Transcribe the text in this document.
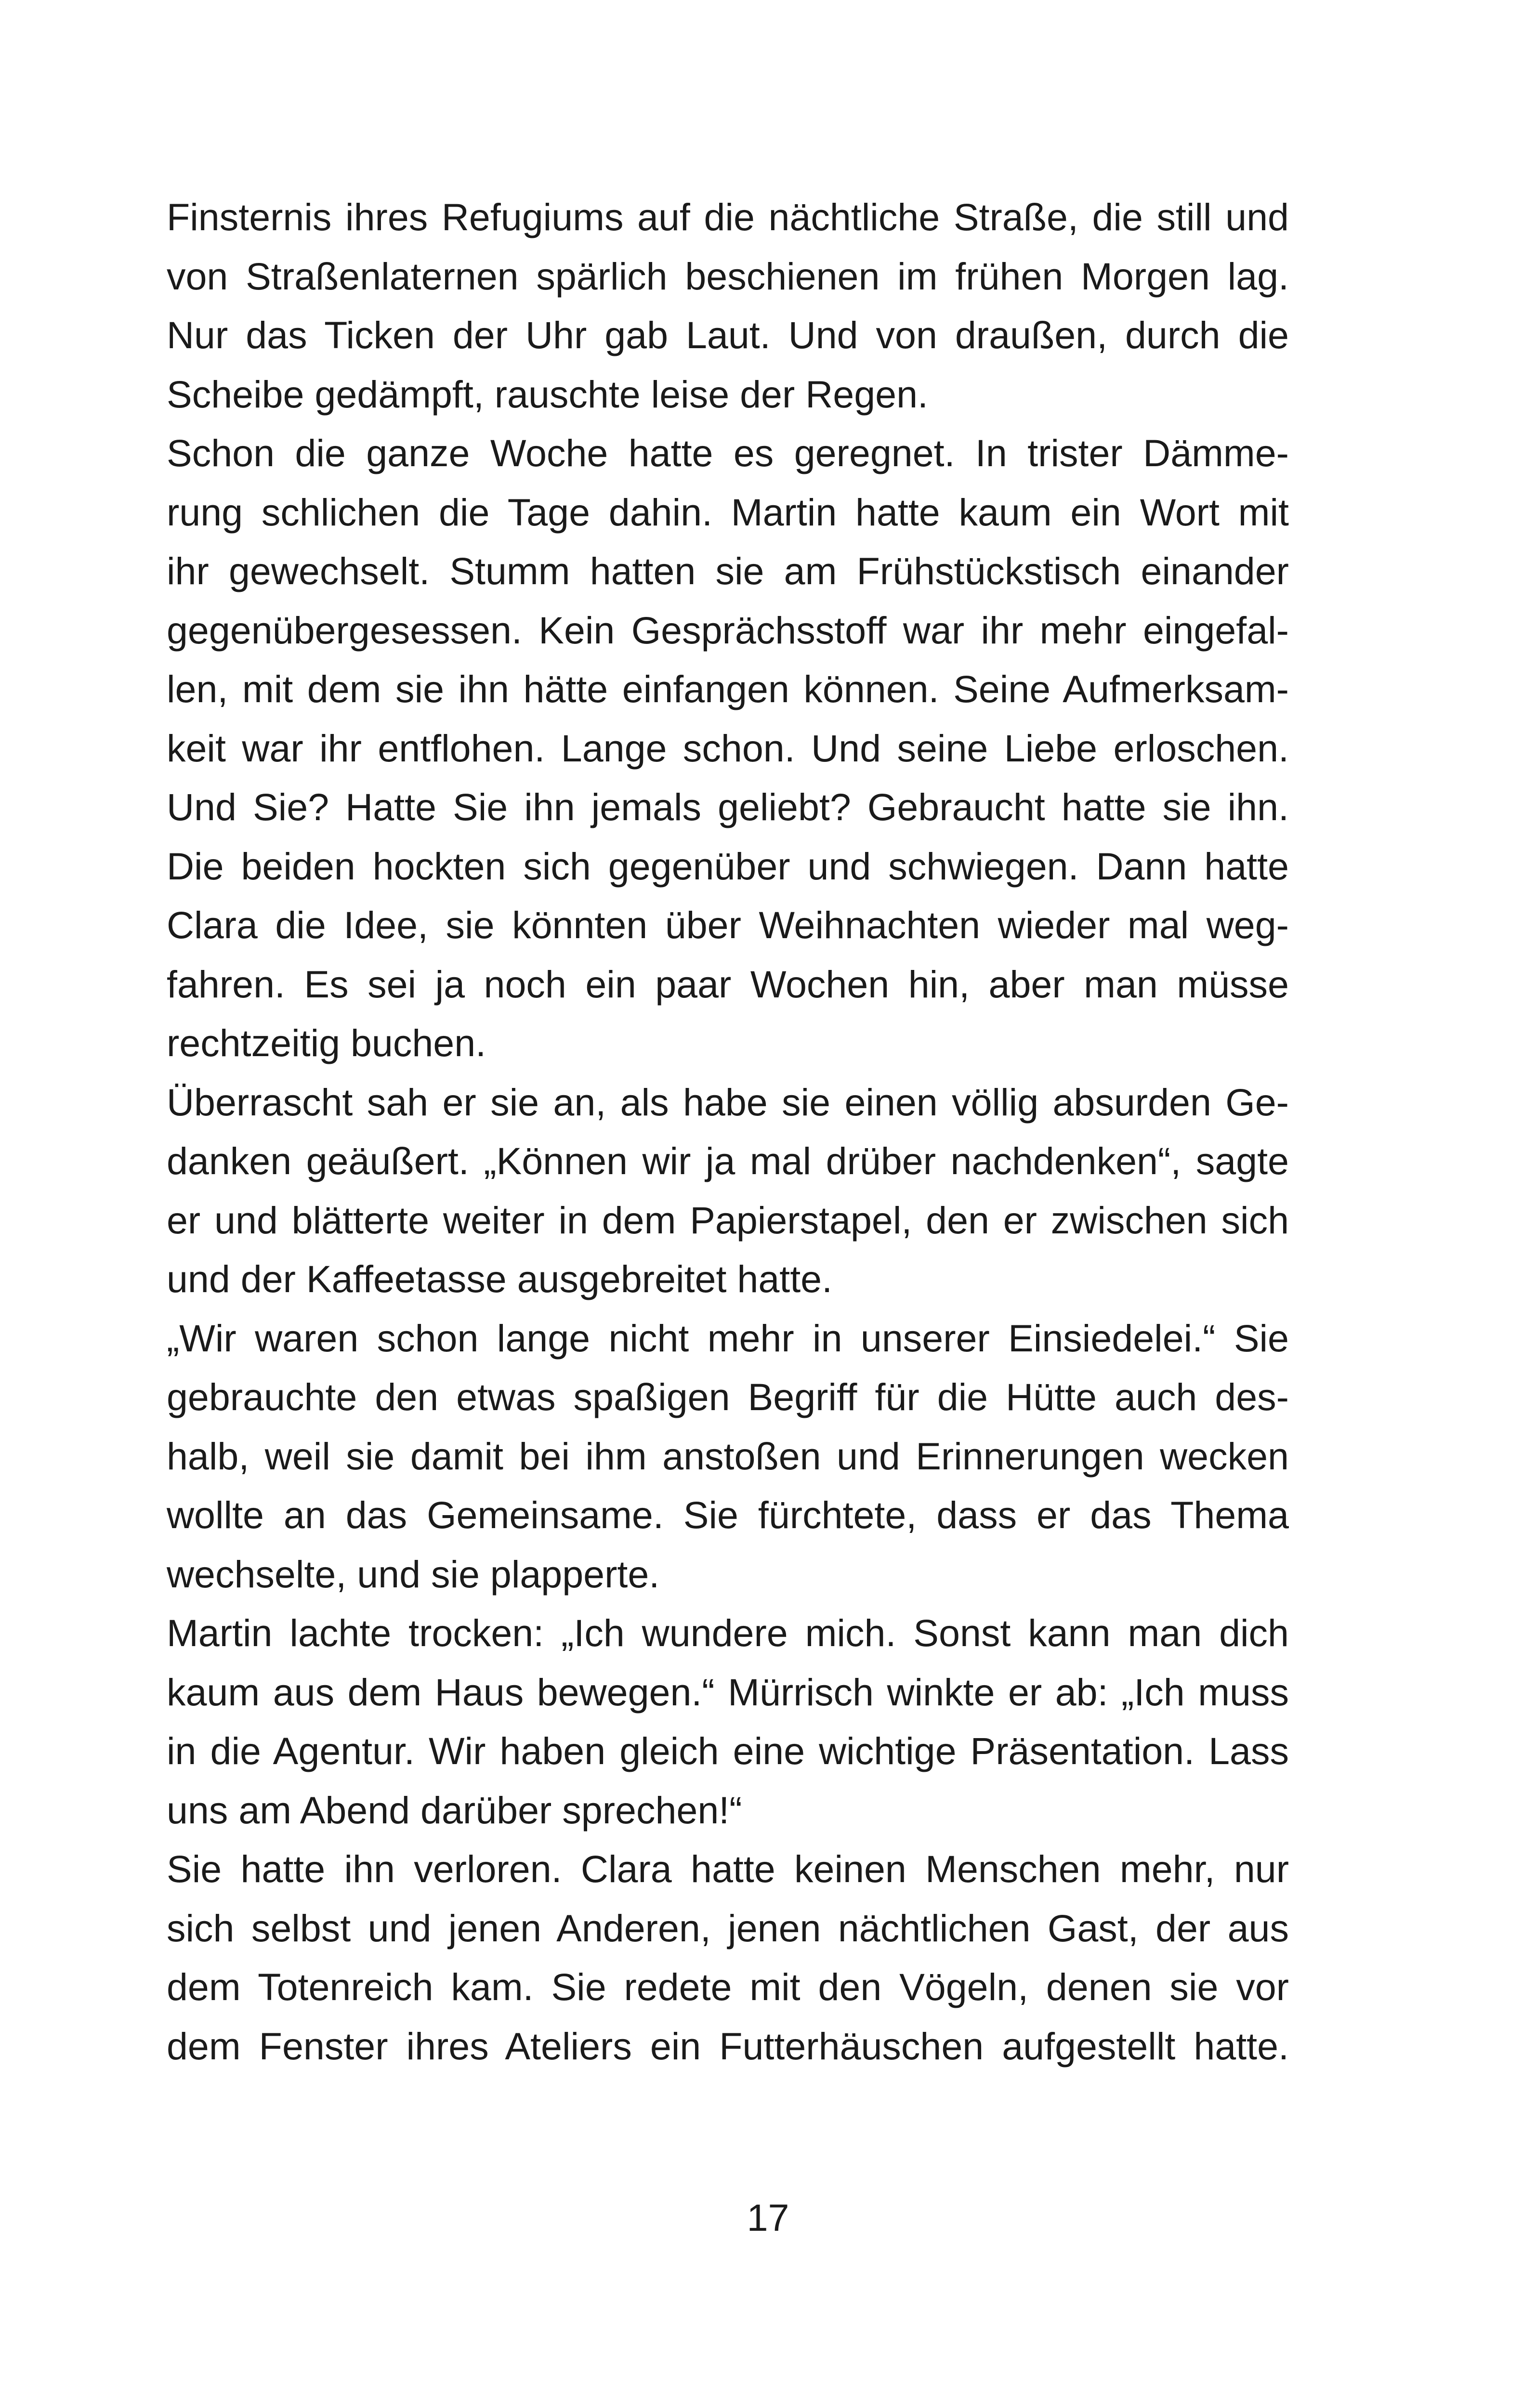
Finsternis ihres Refugiums auf die nächtliche Straße, die still und
von Straßenlaternen spärlich beschienen im frühen Morgen lag.
Nur das Ticken der Uhr gab Laut. Und von draußen, durch die
Scheibe gedämpft, rauschte leise der Regen.
Schon die ganze Woche hatte es geregnet. In trister Dämme-
rung schlichen die Tage dahin. Martin hatte kaum ein Wort mit
ihr gewechselt. Stumm hatten sie am Frühstückstisch einander
gegenübergesessen. Kein Gesprächsstoff war ihr mehr eingefal-
len, mit dem sie ihn hätte einfangen können. Seine Aufmerksam-
keit war ihr entflohen. Lange schon. Und seine Liebe erloschen.
Und Sie? Hatte Sie ihn jemals geliebt? Gebraucht hatte sie ihn.
Die beiden hockten sich gegenüber und schwiegen. Dann hatte
Clara die Idee, sie könnten über Weihnachten wieder mal weg-
fahren. Es sei ja noch ein paar Wochen hin, aber man müsse
rechtzeitig buchen.
Überrascht sah er sie an, als habe sie einen völlig absurden Ge-
danken geäußert. „Können wir ja mal drüber nachdenken“, sagte
er und blätterte weiter in dem Papierstapel, den er zwischen sich
und der Kaffeetasse ausgebreitet hatte.
„Wir waren schon lange nicht mehr in unserer Einsiedelei.“ Sie
gebrauchte den etwas spaßigen Begriff für die Hütte auch des-
halb, weil sie damit bei ihm anstoßen und Erinnerungen wecken
wollte an das Gemeinsame. Sie fürchtete, dass er das Thema
wechselte, und sie plapperte.
Martin lachte trocken: „Ich wundere mich. Sonst kann man dich
kaum aus dem Haus bewegen.“ Mürrisch winkte er ab: „Ich muss
in die Agentur. Wir haben gleich eine wichtige Präsentation. Lass
uns am Abend darüber sprechen!“
Sie hatte ihn verloren. Clara hatte keinen Menschen mehr, nur
sich selbst und jenen Anderen, jenen nächtlichen Gast, der aus
dem Totenreich kam. Sie redete mit den Vögeln, denen sie vor
dem Fenster ihres Ateliers ein Futterhäuschen aufgestellt hatte.
17
